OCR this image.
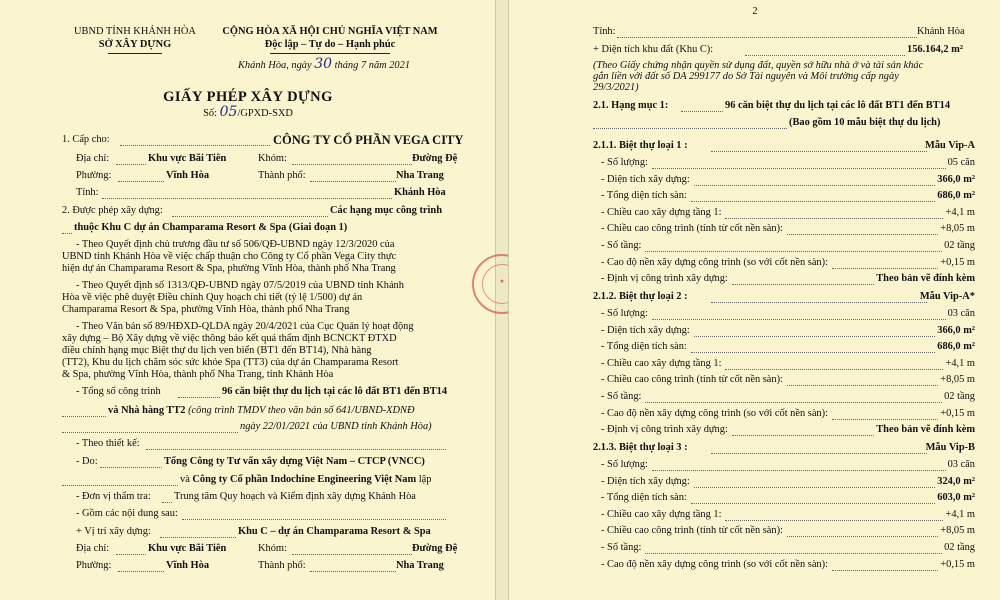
UBND TỈNH KHÁNH HÒA
SỞ XÂY DỰNG
CỘNG HÒA XÃ HỘI CHỦ NGHĨA VIỆT NAM
Độc lập – Tự do – Hạnh phúc
Khánh Hòa, ngày 30 tháng 7 năm 2021
GIẤY PHÉP XÂY DỰNG
Số: 05/GPXD-SXD
1. Cấp cho:	CÔNG TY CỔ PHẦN VEGA CITY
Địa chỉ:	Khu vực Bãi Tiên	Khóm:	Đường Đệ
Phường:	Vĩnh Hòa	Thành phố:	Nha Trang
Tỉnh:	Khánh Hòa
2. Được phép xây dựng:	Các hạng mục công trình
thuộc Khu C dự án Champarama Resort & Spa (Giai đoạn 1)
- Theo Quyết định chủ trương đầu tư số 506/QĐ-UBND ngày 12/3/2020 của
UBND tỉnh Khánh Hòa về việc chấp thuận cho Công ty Cổ phần Vega City thực
hiện dự án Champarama Resort & Spa, phường Vĩnh Hòa, thành phố Nha Trang
- Theo Quyết định số 1313/QĐ-UBND ngày 07/5/2019 của UBND tỉnh Khánh
Hòa về việc phê duyệt Điều chỉnh Quy hoạch chi tiết (tỷ lệ 1/500) dự án
Champarama Resort & Spa, phường Vĩnh Hòa, thành phố Nha Trang
- Theo Văn bản số 89/HĐXD-QLDA ngày 20/4/2021 của Cục Quản lý hoạt động
xây dựng – Bộ Xây dựng về việc thông báo kết quả thẩm định BCNCKT ĐTXD
điều chỉnh hạng mục Biệt thự du lịch ven biển (BT1 đến BT14), Nhà hàng
(TT2), Khu du lịch chăm sóc sức khỏe Spa (TT3) của dự án Champarama Resort
& Spa, phường Vĩnh Hòa, thành phố Nha Trang, tỉnh Khánh Hòa
- Tổng số công trình	96 căn biệt thự du lịch tại các lô đất BT1 đến BT14
và Nhà hàng TT2 (công trình TMDV theo văn bản số 641/UBND-XDNĐ
ngày 22/01/2021 của UBND tỉnh Khánh Hòa)
- Theo thiết kế:
- Do:	Tổng Công ty Tư vấn xây dựng Việt Nam – CTCP (VNCC)
và Công ty Cổ phần Indochine Engineering Việt Nam lập
- Đơn vị thẩm tra: Trung tâm Quy hoạch và Kiểm định xây dựng Khánh Hòa
- Gồm các nội dung sau:
+ Vị trí xây dựng:	Khu C – dự án Champarama Resort & Spa
Địa chỉ:	Khu vực Bãi Tiên	Khóm:	Đường Đệ
Phường:	Vĩnh Hòa	Thành phố:	Nha Trang
★
2
Tỉnh:	Khánh Hòa
+ Diện tích khu đất (Khu C):	156.164,2 m²
(Theo Giấy chứng nhận quyền sử dụng đất, quyền sở hữu nhà ở và tài sản khác
gắn liền với đất số DA 299177 do Sở Tài nguyên và Môi trường cấp ngày
29/3/2021)
2.1. Hạng mục 1:	96 căn biệt thự du lịch tại các lô đất BT1 đến BT14
(Bao gồm 10 mẫu biệt thự du lịch)
2.1.1. Biệt thự loại 1 :	Mẫu Vip-A
- Số lượng:	05 căn
- Diện tích xây dựng:	366,0 m²
- Tổng diện tích sàn:	686,0 m²
- Chiều cao xây dựng tầng 1:	+4,1 m
- Chiều cao công trình (tính từ cốt nền sàn):	+8,05 m
- Số tầng:	02 tầng
- Cao độ nền xây dựng công trình (so với cốt nền sàn):	+0,15 m
- Định vị công trình xây dựng:	Theo bản vẽ đính kèm
2.1.2. Biệt thự loại 2 :	Mẫu Vip-A*
- Số lượng:	03 căn
- Diện tích xây dựng:	366,0 m²
- Tổng diện tích sàn:	686,0 m²
- Chiều cao xây dựng tầng 1:	+4,1 m
- Chiều cao công trình (tính từ cốt nền sàn):	+8,05 m
- Số tầng:	02 tầng
- Cao độ nền xây dựng công trình (so với cốt nền sàn):	+0,15 m
- Định vị công trình xây dựng:	Theo bản vẽ đính kèm
2.1.3. Biệt thự loại 3 :	Mẫu Vip-B
- Số lượng:	03 căn
- Diện tích xây dựng:	324,0 m²
- Tổng diện tích sàn:	603,0 m²
- Chiều cao xây dựng tầng 1:	+4,1 m
- Chiều cao công trình (tính từ cốt nền sàn):	+8,05 m
- Số tầng:	02 tầng
- Cao độ nền xây dựng công trình (so với cốt nền sàn):	+0,15 m
